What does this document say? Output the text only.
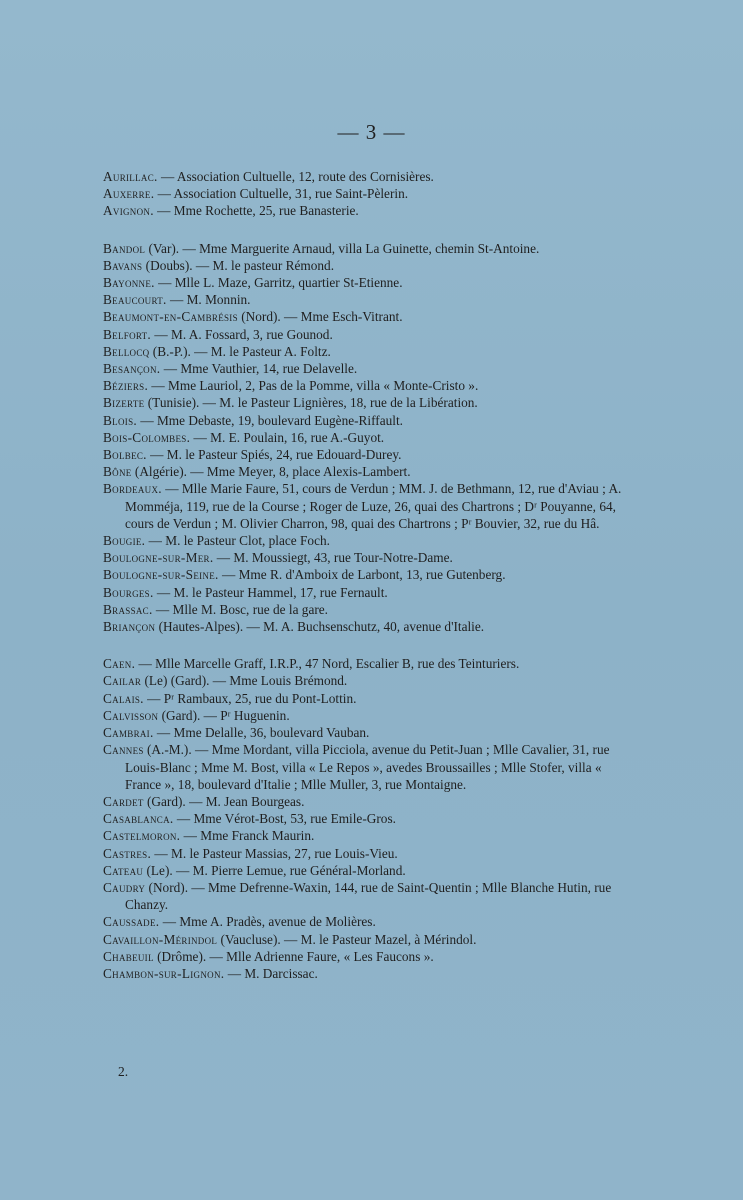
— 3 —

Aurillac. — Association Cultuelle, 12, route des Cornisières.

Auxerre. — Association Cultuelle, 31, rue Saint-Pèlerin.

Avignon. — Mme Rochette, 25, rue Banasterie.

Bandol (Var). — Mme Marguerite Arnaud, villa La Guinette, chemin St-Antoine.

Bavans (Doubs). — M. le pasteur Rémond.

Bayonne. — Mlle L. Maze, Garritz, quartier St-Etienne.

Beaucourt. — M. Monnin.

Beaumont-en-Cambrésis (Nord). — Mme Esch-Vitrant.

Belfort. — M. A. Fossard, 3, rue Gounod.

Bellocq (B.-P.). — M. le Pasteur A. Foltz.

Besançon. — Mme Vauthier, 14, rue Delavelle.

Béziers. — Mme Lauriol, 2, Pas de la Pomme, villa « Monte-Cristo ».

Bizerte (Tunisie). — M. le Pasteur Lignières, 18, rue de la Libération.

Blois. — Mme Debaste, 19, boulevard Eugène-Riffault.

Bois-Colombes. — M. E. Poulain, 16, rue A.-Guyot.

Bolbec. — M. le Pasteur Spiés, 24, rue Edouard-Durey.

Bône (Algérie). — Mme Meyer, 8, place Alexis-Lambert.

Bordeaux. — Mlle Marie Faure, 51, cours de Verdun ; MM. J. de Bethmann, 12, rue d'Aviau ; A. Momméja, 119, rue de la Course ; Roger de Luze, 26, quai des Chartrons ; Dʳ Pouyanne, 64, cours de Verdun ; M. Olivier Charron, 98, quai des Chartrons ; Pʳ Bouvier, 32, rue du Hâ.

Bougie. — M. le Pasteur Clot, place Foch.

Boulogne-sur-Mer. — M. Moussiegt, 43, rue Tour-Notre-Dame.

Boulogne-sur-Seine. — Mme R. d'Amboix de Larbont, 13, rue Gutenberg.

Bourges. — M. le Pasteur Hammel, 17, rue Fernault.

Brassac. — Mlle M. Bosc, rue de la gare.

Briançon (Hautes-Alpes). — M. A. Buchsenschutz, 40, avenue d'Italie.

Caen. — Mlle Marcelle Graff, I.R.P., 47 Nord, Escalier B, rue des Teinturiers.

Cailar (Le) (Gard). — Mme Louis Brémond.

Calais. — Pʳ Rambaux, 25, rue du Pont-Lottin.

Calvisson (Gard). — Pʳ Huguenin.

Cambrai. — Mme Delalle, 36, boulevard Vauban.

Cannes (A.-M.). — Mme Mordant, villa Picciola, avenue du Petit-Juan ; Mlle Cavalier, 31, rue Louis-Blanc ; Mme M. Bost, villa « Le Repos », avedes Broussailles ; Mlle Stofer, villa « France », 18, boulevard d'Italie ; Mlle Muller, 3, rue Montaigne.

Cardet (Gard). — M. Jean Bourgeas.

Casablanca. — Mme Vérot-Bost, 53, rue Emile-Gros.

Castelmoron. — Mme Franck Maurin.

Castres. — M. le Pasteur Massias, 27, rue Louis-Vieu.

Cateau (Le). — M. Pierre Lemue, rue Général-Morland.

Caudry (Nord). — Mme Defrenne-Waxin, 144, rue de Saint-Quentin ; Mlle Blanche Hutin, rue Chanzy.

Caussade. — Mme A. Pradès, avenue de Molières.

Cavaillon-Mérindol (Vaucluse). — M. le Pasteur Mazel, à Mérindol.

Chabeuil (Drôme). — Mlle Adrienne Faure, « Les Faucons ».

Chambon-sur-Lignon. — M. Darcissac.

2.
